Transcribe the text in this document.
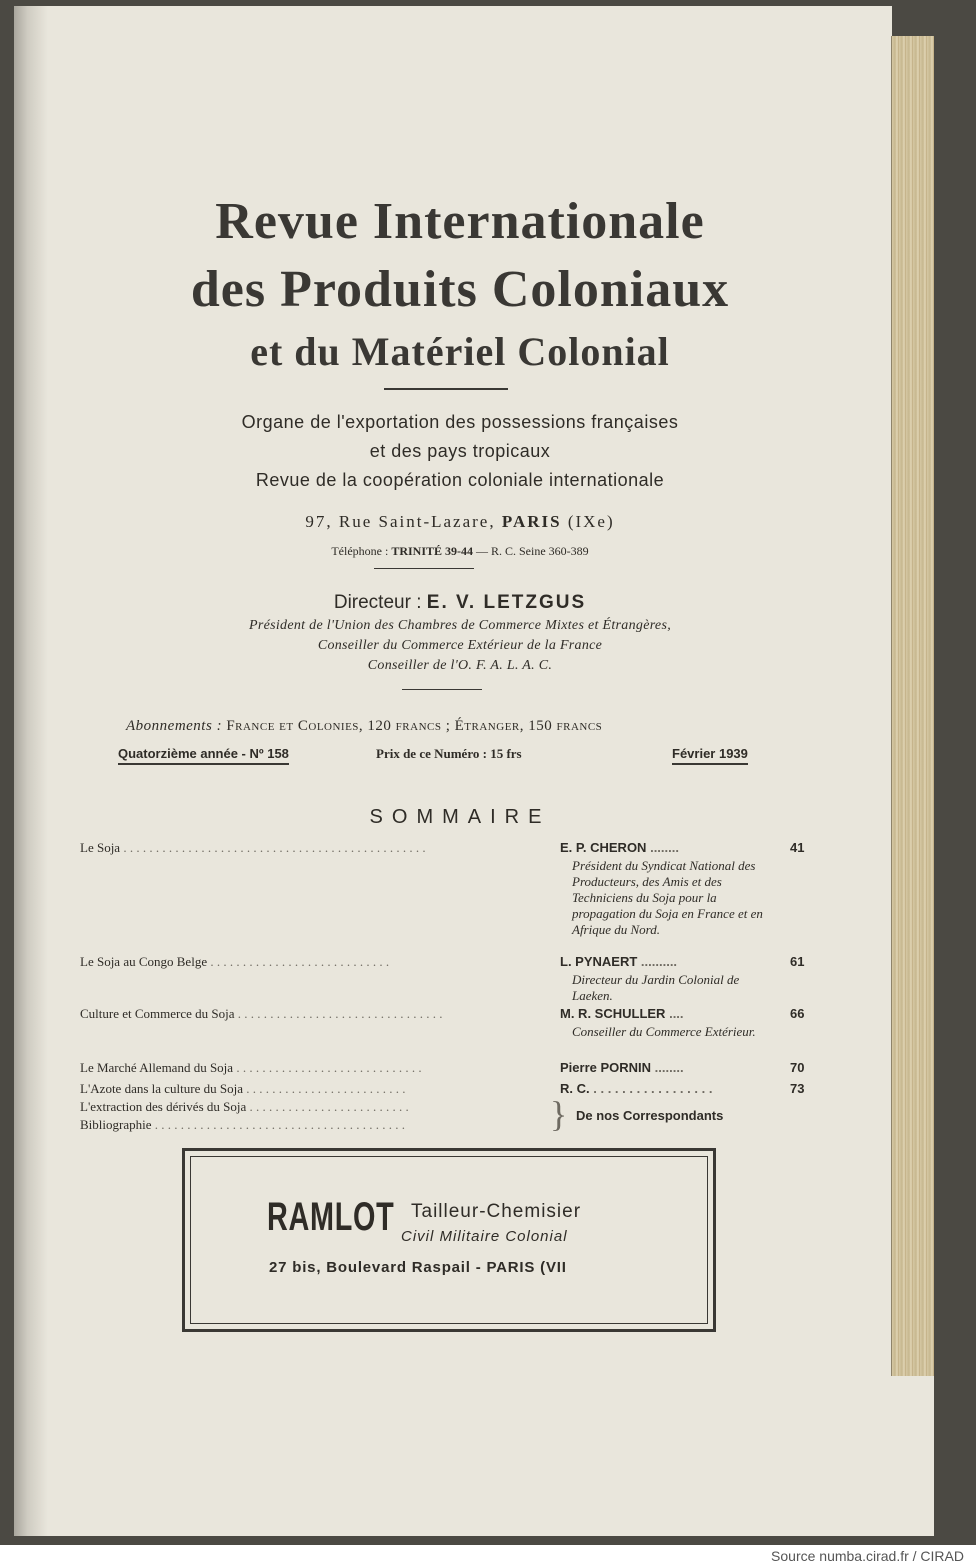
Revue Internationale
des Produits Coloniaux
et du Matériel Colonial
Organe de l'exportation des possessions françaises
et des pays tropicaux
Revue de la coopération coloniale internationale
97, Rue Saint-Lazare, PARIS (IXe)
Téléphone : TRINITÉ 39-44 — R. C. Seine 360-389
Directeur : E. V. LETZGUS
Président de l'Union des Chambres de Commerce Mixtes et Étrangères,
Conseiller du Commerce Extérieur de la France
Conseiller de l'O. F. A. L. A. C.
Abonnements : France et Colonies, 120 francs ; Étranger, 150 francs
Quatorzième année - Nº 158	Prix de ce Numéro : 15 frs	Février 1939
SOMMAIRE
Le Soja . . . . . . . . . . . . . . . . . . . . . . . . . . . . . . . . . . . . . . . . . . . . . . .	E. P. CHERON ........	41
Président du Syndicat National des Producteurs, des Amis et des Techniciens du Soja pour la propagation du Soja en France et en Afrique du Nord.
Le Soja au Congo Belge . . . . . . . . . . . . . . . . . . . . . . . . . . . .	L. PYNAERT ..........	61
Directeur du Jardin Colonial de Laeken.
Culture et Commerce du Soja . . . . . . . . . . . . . . . . . . . . . . . . . . . . . . . .	M. R. SCHULLER ....	66
Conseiller du Commerce Extérieur.
Le Marché Allemand du Soja . . . . . . . . . . . . . . . . . . . . . . . . . . . . .	Pierre PORNIN ........	70
L'Azote dans la culture du Soja . . . . . . . . . . . . . . . . . . . . . . . . .	R. C. . . . . . . . . . . . . . . . . .	73
L'extraction des dérivés du Soja . . . . . . . . . . . . . . . . . . . . . . . . .
Bibliographie . . . . . . . . . . . . . . . . . . . . . . . . . . . . . . . . . . . . . . .	} De nos Correspondants
RAMLOT Tailleur-Chemisier
Civil Militaire Colonial
27 bis, Boulevard Raspail - PARIS (VII
Source numba.cirad.fr / CIRAD
